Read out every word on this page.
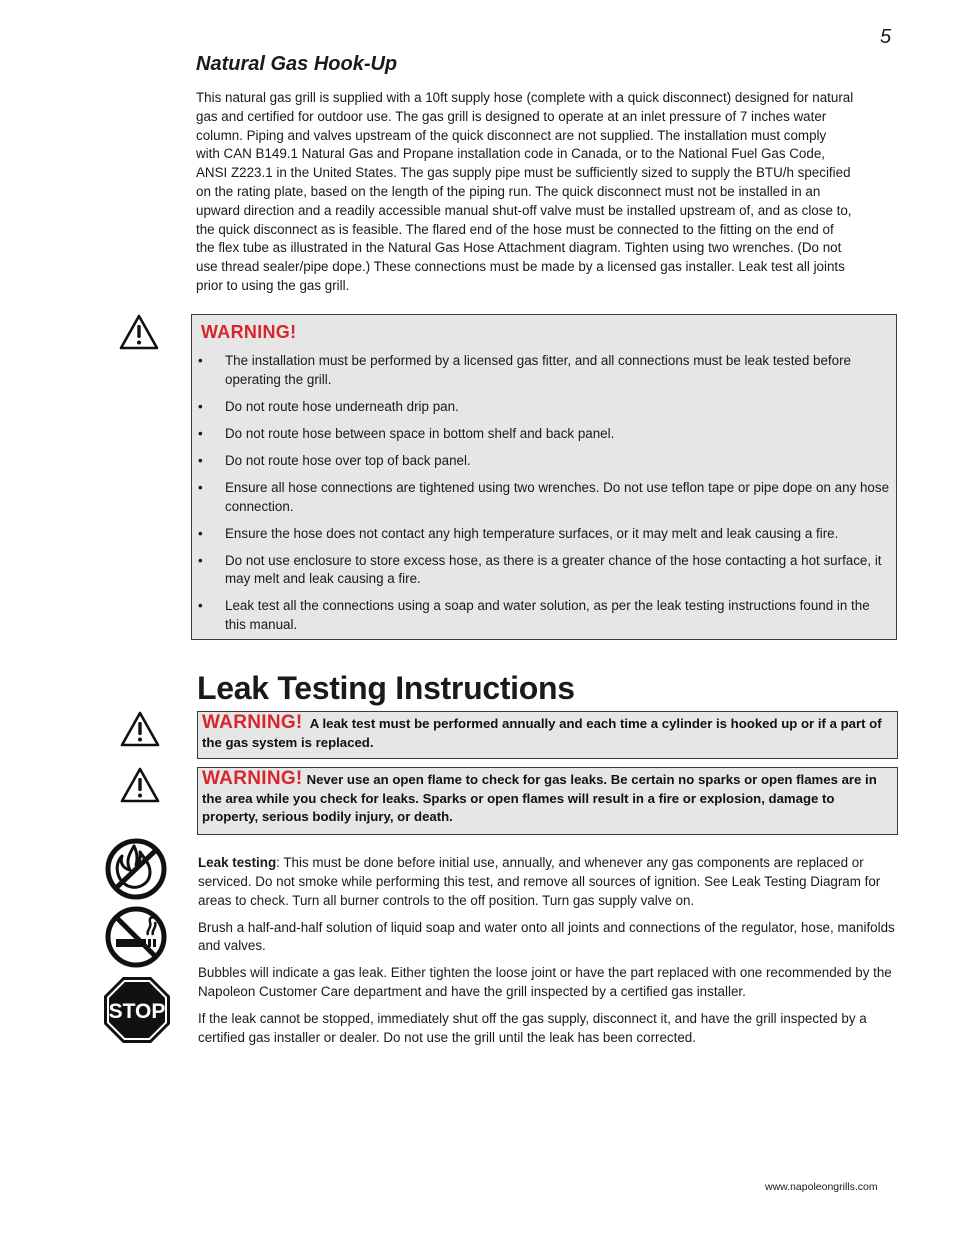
5
Natural Gas Hook-Up
This natural gas grill is supplied with a 10ft supply hose (complete with a quick disconnect) designed for natural
gas and certified for outdoor use. The gas grill is designed to operate at an inlet pressure of 7 inches water
column. Piping and valves upstream of the quick disconnect are not supplied. The installation must comply
with CAN B149.1 Natural Gas and Propane installation code in Canada, or to the National Fuel Gas Code,
ANSI Z223.1 in the United States. The gas supply pipe must be sufficiently sized to supply the BTU/h specified
on the rating plate, based on the length of the piping run. The quick disconnect must not be installed in an
upward direction and a readily accessible manual shut-off valve must be installed upstream of, and as close to,
the quick disconnect as is feasible. The flared end of the hose must be connected to the fitting on the end of
the flex tube as illustrated in the Natural Gas Hose Attachment diagram. Tighten using two wrenches. (Do not
use thread sealer/pipe dope.) These connections must be made by a licensed gas installer. Leak test all joints
prior to using the gas grill.
WARNING!
• The installation must be performed by a licensed gas fitter, and all connections must be leak tested before operating the grill.
• Do not route hose underneath drip pan.
• Do not route hose between space in bottom shelf and back panel.
• Do not route hose over top of back panel.
• Ensure all hose connections are tightened using two wrenches. Do not use teflon tape or pipe dope on any hose connection.
• Ensure the hose does not contact any high temperature surfaces, or it may melt and leak causing a fire.
• Do not use enclosure to store excess hose, as there is a greater chance of the hose contacting a hot surface, it may melt and leak causing a fire.
• Leak test all the connections using a soap and water solution, as per the leak testing instructions found in the this manual.
Leak Testing Instructions
WARNING! A leak test must be performed annually and each time a cylinder is hooked up or if a part of the gas system is replaced.
WARNING! Never use an open flame to check for gas leaks. Be certain no sparks or open flames are in the area while you check for leaks. Sparks or open flames will result in a fire or explosion, damage to property, serious bodily injury, or death.
STOP

Leak testing: This must be done before initial use, annually, and whenever any gas components are replaced or serviced. Do not smoke while performing this test, and remove all sources of ignition. See Leak Testing Diagram for areas to check. Turn all burner controls to the off position. Turn gas supply valve on.

Brush a half-and-half solution of liquid soap and water onto all joints and connections of the regulator, hose, manifolds and valves.

Bubbles will indicate a gas leak. Either tighten the loose joint or have the part replaced with one recommended by the Napoleon Customer Care department and have the grill inspected by a certified gas installer.

If the leak cannot be stopped, immediately shut off the gas supply, disconnect it, and have the grill inspected by a certified gas installer or dealer. Do not use the grill until the leak has been corrected.

www.napoleongrills.com
